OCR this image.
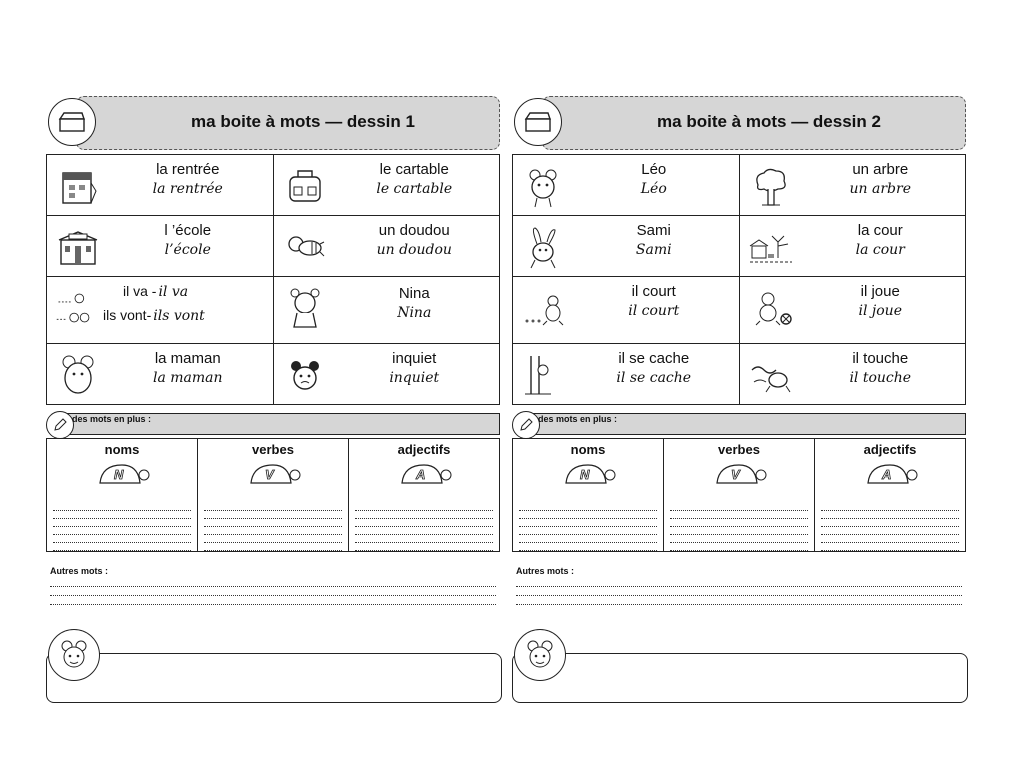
ma boite à mots — dessin 1
la rentrée
la rentrée
le cartable
le cartable
l ’école
l’école
un doudou
un doudou
il va - il va
ils vont- ils vont
Nina
Nina
la maman
la maman
inquiet
inquiet
des mots en plus :
noms
N
verbes
V
adjectifs
A
Autres mots :
ma boite à mots — dessin 2
Léo
Léo
un arbre
un arbre
Sami
Sami
la cour
la cour
il court
il court
il joue
il joue
il se cache
il se cache
il touche
il touche
des mots en plus :
noms
N
verbes
V
adjectifs
A
Autres mots :
